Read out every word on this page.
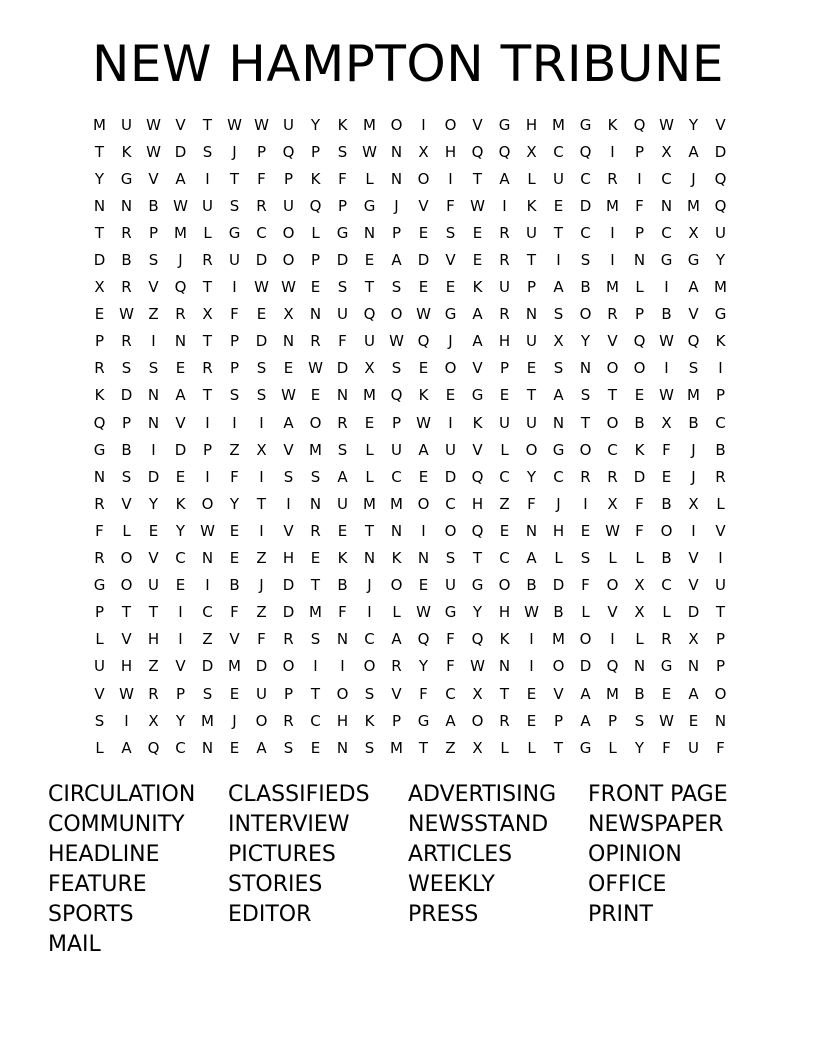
NEW HAMPTON TRIBUNE
M	U W V	T	W W U	Y	K	M O	I	O	V	G	H M G	K	Q W Y	V
T	K W D	S	J	P	Q	P	S W N	X	H	Q	Q	X	C	Q	I	P	X	A	D
Y	G	V	A	I	T	F	P	K	F	L	N	O	I	T	A	L	U	C	R	I	C	J	Q
N	N	B W U	S	R	U	Q	P	G	J	V	F	W	I	K	E	D M	F	N M Q
T	R	P	M	L	G	C	O	L	G	N	P	E	S	E	R	U	T	C	I	P	C	X	U
D	B	S	J	R	U	D	O	P	D	E	A	D	V	E	R	T	I	S	I	N	G	G	Y
X	R	V	Q	T	I	W W E	S	T	S	E	E	K	U	P	A	B	M	L	I	A	M
E W Z	R	X	F	E	X	N	U	Q	O W G	A	R	N	S	O	R	P	B	V	G
P	R	I	N	T	P	D	N	R	F	U W Q	J	A	H	U	X	Y	V	Q W Q	K
R	S	S	E	R	P	S	E W D	X	S	E	O	V	P	E	S	N	O	O	I	S	I
K	D	N	A	T	S	S W E	N M Q	K	E	G	E	T	A	S	T	E W M	P
Q	P	N	V	I	I	I	A	O	R	E	P	W	I	K	U	U	N	T	O	B	X	B	C
G	B	I	D	P	Z	X	V	M	S	L	U	A	U	V	L	O	G	O	C	K	F	J	B
N	S	D	E	I	F	I	S	S	A	L	C	E	D	Q	C	Y	C	R	R	D	E	J	R
R	V	Y	K	O	Y	T	I	N	U	M M O	C	H	Z	F	J	I	X	F	B	X	L
F	L	E	Y	W E	I	V	R	E	T	N	I	O	Q	E	N	H	E W	F	O	I	V
R	O	V	C	N	E	Z	H	E	K	N	K	N	S	T	C	A	L	S	L	L	B	V	I
G	O	U	E	I	B	J	D	T	B	J	O	E	U	G	O	B	D	F	O	X	C	V	U
P	T	T	I	C	F	Z	D M	F	I	L	W G	Y	H W B	L	V	X	L	D	T
L	V	H	I	Z	V	F	R	S	N	C	A	Q	F	Q	K	I	M O	I	L	R	X	P
U	H	Z	V	D M D	O	I	I	O	R	Y	F	W N	I	O	D	Q	N	G	N	P
V W R	P	S	E	U	P	T	O	S	V	F	C	X	T	E	V	A	M	B	E	A	O
S	I	X	Y	M	J	O	R	C	H	K	P	G	A	O	R	E	P	A	P	S W E	N
L	A	Q	C	N	E	A	S	E	N	S	M	T	Z	X	L	L	T	G	L	Y	F	U	F
CIRCULATION	CLASSIFIEDS	ADVERTISING	FRONT PAGE
COMMUNITY	INTERVIEW	NEWSSTAND	NEWSPAPER
HEADLINE	PICTURES	ARTICLES	OPINION
FEATURE	STORIES	WEEKLY	OFFICE
SPORTS	EDITOR	PRESS	PRINT
MAIL
